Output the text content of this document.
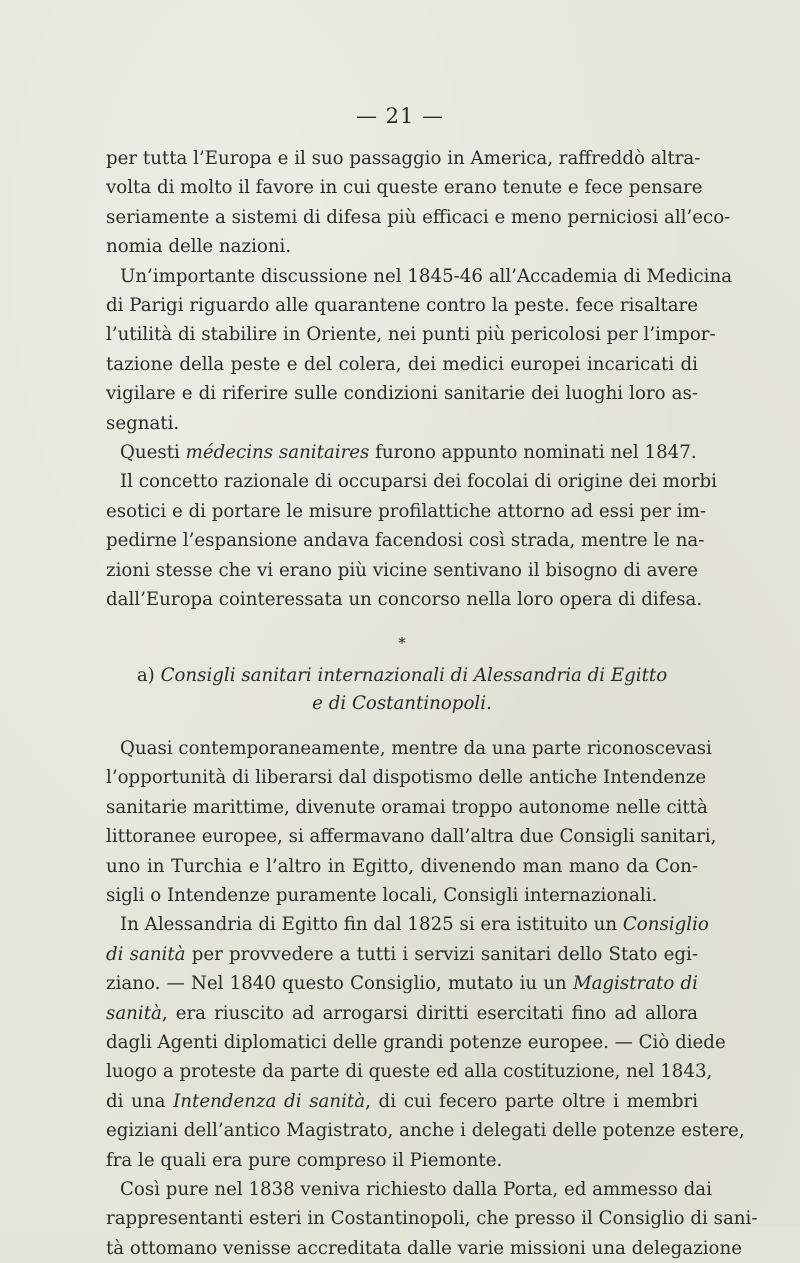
— 21 —

per tutta l’Europa e il suo passaggio in America, raffreddò altra-
volta di molto il favore in cui queste erano tenute e fece pensare
seriamente a sistemi di difesa più efficaci e meno perniciosi all’eco-
nomia delle nazioni.

Un’importante discussione nel 1845-46 all’Accademia di Medicina
di Parigi riguardo alle quarantene contro la peste. fece risaltare
l’utilità di stabilire in Oriente, nei punti più pericolosi per l’impor-
tazione della peste e del colera, dei medici europei incaricati di
vigilare e di riferire sulle condizioni sanitarie dei luoghi loro as-
segnati.

Questi médecins sanitaires furono appunto nominati nel 1847.

Il concetto razionale di occuparsi dei focolai di origine dei morbi
esotici e di portare le misure profilattiche attorno ad essi per im-
pedirne l’espansione andava facendosi così strada, mentre le na-
zioni stesse che vi erano più vicine sentivano il bisogno di avere
dall’Europa cointeressata un concorso nella loro opera di difesa.

*
a) Consigli sanitari internazionali di Alessandria di Egitto
e di Costantinopoli.

Quasi contemporaneamente, mentre da una parte riconoscevasi
l’opportunità di liberarsi dal dispotismo delle antiche Intendenze
sanitarie marittime, divenute oramai troppo autonome nelle città
littoranee europee, si affermavano dall’altra due Consigli sanitari,
uno in Turchia e l’altro in Egitto, divenendo man mano da Con-
sigli o Intendenze puramente locali, Consigli internazionali.

In Alessandria di Egitto fin dal 1825 si era istituito un Consiglio
di sanità per provvedere a tutti i servizi sanitari dello Stato egi-
ziano. — Nel 1840 questo Consiglio, mutato iu un Magistrato di
sanità, era riuscito ad arrogarsi diritti esercitati fino ad allora
dagli Agenti diplomatici delle grandi potenze europee. — Ciò diede
luogo a proteste da parte di queste ed alla costituzione, nel 1843,
di una Intendenza di sanità, di cui fecero parte oltre i membri
egiziani dell’antico Magistrato, anche i delegati delle potenze estere,
fra le quali era pure compreso il Piemonte.

Così pure nel 1838 veniva richiesto dalla Porta, ed ammesso dai
rappresentanti esteri in Costantinopoli, che presso il Consiglio di sani-
tà ottomano venisse accreditata dalle varie missioni una delegazione
